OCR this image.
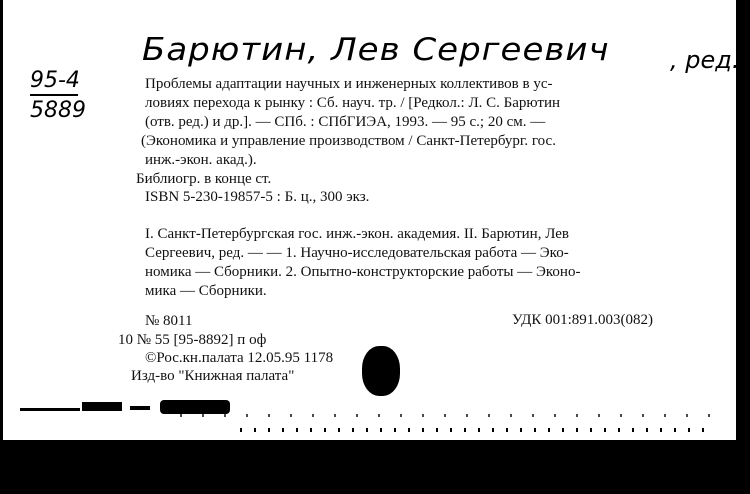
Барютин, Лев Сергеевич	, ред.
95-4
5889
Проблемы адаптации научных и инженерных коллективов в ус-
ловиях перехода к рынку : Сб. науч. тр. / [Редкол.: Л. С. Барютин
(отв. ред.) и др.]. — СПб. : СПбГИЭА, 1993. — 95 с.; 20 см. —
(Экономика и управление производством / Санкт-Петербург. гос.
инж.-экон. акад.).
Библиогр. в конце ст.
ISBN 5-230-19857-5 : Б. ц., 300 экз.
I. Санкт-Петербургская гос. инж.-экон. академия. II. Барютин, Лев
Сергеевич, ред. — — 1. Научно-исследовательская работа — Эко-
номика — Сборники. 2. Опытно-конструкторские работы — Эконо-
мика — Сборники.
№ 8011	УДК 001:891.003(082)
10 № 55 [95-8892] п оф
©Рос.кн.палата 12.05.95 1178
Изд-во "Книжная палата"
